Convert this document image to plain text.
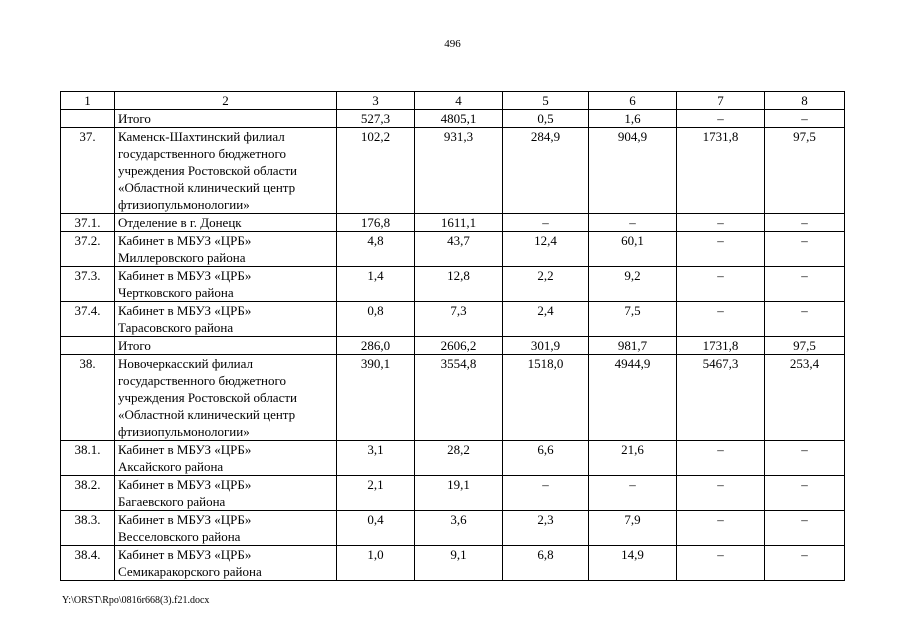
496
1	2	3	4	5	6	7	8
	Итого	527,3	4805,1	0,5	1,6	–	–
37.	Каменск-Шахтинский филиал
государственного бюджетного
учреждения Ростовской области
«Областной клинический центр
фтизиопульмонологии»	102,2	931,3	284,9	904,9	1731,8	97,5
37.1.	Отделение в г. Донецк	176,8	1611,1	–	–	–	–
37.2.	Кабинет в МБУЗ «ЦРБ»
Миллеровского района	4,8	43,7	12,4	60,1	–	–
37.3.	Кабинет в МБУЗ «ЦРБ»
Чертковского района	1,4	12,8	2,2	9,2	–	–
37.4.	Кабинет в МБУЗ «ЦРБ»
Тарасовского района	0,8	7,3	2,4	7,5	–	–
	Итого	286,0	2606,2	301,9	981,7	1731,8	97,5
38.	Новочеркасский филиал
государственного бюджетного
учреждения Ростовской области
«Областной клинический центр
фтизиопульмонологии»	390,1	3554,8	1518,0	4944,9	5467,3	253,4
38.1.	Кабинет в МБУЗ «ЦРБ»
Аксайского района	3,1	28,2	6,6	21,6	–	–
38.2.	Кабинет в МБУЗ «ЦРБ»
Багаевского района	2,1	19,1	–	–	–	–
38.3.	Кабинет в МБУЗ «ЦРБ»
Весселовского района	0,4	3,6	2,3	7,9	–	–
38.4.	Кабинет в МБУЗ «ЦРБ»
Семикаракорского района	1,0	9,1	6,8	14,9	–	–
Y:\ORST\Rpo\0816r668(3).f21.docx
